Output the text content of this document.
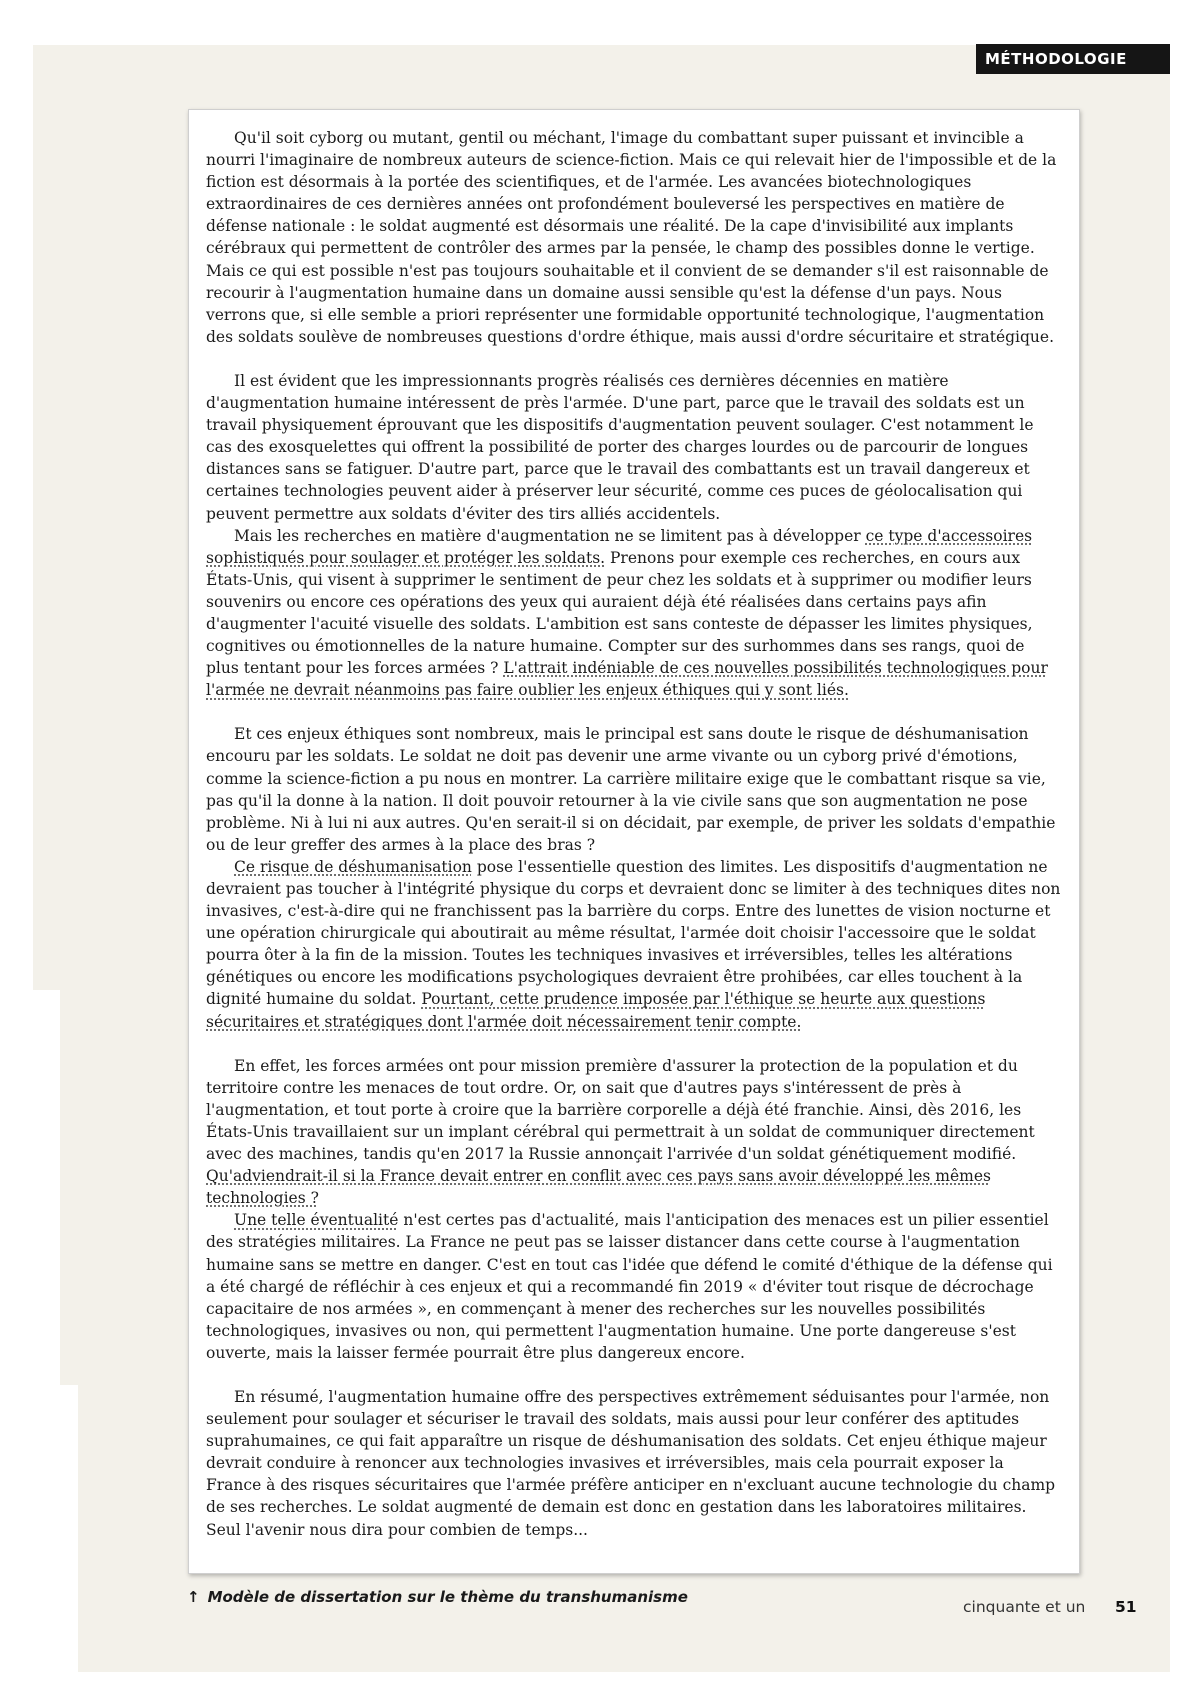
MÉTHODOLOGIE

Qu'il soit cyborg ou mutant, gentil ou méchant, l'image du combattant super puissant et invincible a nourri l'imaginaire de nombreux auteurs de science-fiction. Mais ce qui relevait hier de l'impossible et de la fiction est désormais à la portée des scientifiques, et de l'armée. Les avancées biotechnologiques extraordinaires de ces dernières années ont profondément bouleversé les perspectives en matière de défense nationale : le soldat augmenté est désormais une réalité. De la cape d'invisibilité aux implants cérébraux qui permettent de contrôler des armes par la pensée, le champ des possibles donne le vertige. Mais ce qui est possible n'est pas toujours souhaitable et il convient de se demander s'il est raisonnable de recourir à l'augmentation humaine dans un domaine aussi sensible qu'est la défense d'un pays. Nous verrons que, si elle semble a priori représenter une formidable opportunité technologique, l'augmentation des soldats soulève de nombreuses questions d'ordre éthique, mais aussi d'ordre sécuritaire et stratégique.

Il est évident que les impressionnants progrès réalisés ces dernières décennies en matière d'augmentation humaine intéressent de près l'armée. D'une part, parce que le travail des soldats est un travail physiquement éprouvant que les dispositifs d'augmentation peuvent soulager. C'est notamment le cas des exosquelettes qui offrent la possibilité de porter des charges lourdes ou de parcourir de longues distances sans se fatiguer. D'autre part, parce que le travail des combattants est un travail dangereux et certaines technologies peuvent aider à préserver leur sécurité, comme ces puces de géolocalisation qui peuvent permettre aux soldats d'éviter des tirs alliés accidentels.

Mais les recherches en matière d'augmentation ne se limitent pas à développer ce type d'accessoires sophistiqués pour soulager et protéger les soldats. Prenons pour exemple ces recherches, en cours aux États-Unis, qui visent à supprimer le sentiment de peur chez les soldats et à supprimer ou modifier leurs souvenirs ou encore ces opérations des yeux qui auraient déjà été réalisées dans certains pays afin d'augmenter l'acuité visuelle des soldats. L'ambition est sans conteste de dépasser les limites physiques, cognitives ou émotionnelles de la nature humaine. Compter sur des surhommes dans ses rangs, quoi de plus tentant pour les forces armées ? L'attrait indéniable de ces nouvelles possibilités technologiques pour l'armée ne devrait néanmoins pas faire oublier les enjeux éthiques qui y sont liés.

Et ces enjeux éthiques sont nombreux, mais le principal est sans doute le risque de déshumanisation encouru par les soldats. Le soldat ne doit pas devenir une arme vivante ou un cyborg privé d'émotions, comme la science-fiction a pu nous en montrer. La carrière militaire exige que le combattant risque sa vie, pas qu'il la donne à la nation. Il doit pouvoir retourner à la vie civile sans que son augmentation ne pose problème. Ni à lui ni aux autres. Qu'en serait-il si on décidait, par exemple, de priver les soldats d'empathie ou de leur greffer des armes à la place des bras ?

Ce risque de déshumanisation pose l'essentielle question des limites. Les dispositifs d'augmentation ne devraient pas toucher à l'intégrité physique du corps et devraient donc se limiter à des techniques dites non invasives, c'est-à-dire qui ne franchissent pas la barrière du corps. Entre des lunettes de vision nocturne et une opération chirurgicale qui aboutirait au même résultat, l'armée doit choisir l'accessoire que le soldat pourra ôter à la fin de la mission. Toutes les techniques invasives et irréversibles, telles les altérations génétiques ou encore les modifications psychologiques devraient être prohibées, car elles touchent à la dignité humaine du soldat. Pourtant, cette prudence imposée par l'éthique se heurte aux questions sécuritaires et stratégiques dont l'armée doit nécessairement tenir compte.

En effet, les forces armées ont pour mission première d'assurer la protection de la population et du territoire contre les menaces de tout ordre. Or, on sait que d'autres pays s'intéressent de près à l'augmentation, et tout porte à croire que la barrière corporelle a déjà été franchie. Ainsi, dès 2016, les États-Unis travaillaient sur un implant cérébral qui permettrait à un soldat de communiquer directement avec des machines, tandis qu'en 2017 la Russie annonçait l'arrivée d'un soldat génétiquement modifié. Qu'adviendrait-il si la France devait entrer en conflit avec ces pays sans avoir développé les mêmes technologies ?

Une telle éventualité n'est certes pas d'actualité, mais l'anticipation des menaces est un pilier essentiel des stratégies militaires. La France ne peut pas se laisser distancer dans cette course à l'augmentation humaine sans se mettre en danger. C'est en tout cas l'idée que défend le comité d'éthique de la défense qui a été chargé de réfléchir à ces enjeux et qui a recommandé fin 2019 « d'éviter tout risque de décrochage capacitaire de nos armées », en commençant à mener des recherches sur les nouvelles possibilités technologiques, invasives ou non, qui permettent l'augmentation humaine. Une porte dangereuse s'est ouverte, mais la laisser fermée pourrait être plus dangereux encore.

En résumé, l'augmentation humaine offre des perspectives extrêmement séduisantes pour l'armée, non seulement pour soulager et sécuriser le travail des soldats, mais aussi pour leur conférer des aptitudes suprahumaines, ce qui fait apparaître un risque de déshumanisation des soldats. Cet enjeu éthique majeur devrait conduire à renoncer aux technologies invasives et irréversibles, mais cela pourrait exposer la France à des risques sécuritaires que l'armée préfère anticiper en n'excluant aucune technologie du champ de ses recherches. Le soldat augmenté de demain est donc en gestation dans les laboratoires militaires. Seul l'avenir nous dira pour combien de temps...

↑ Modèle de dissertation sur le thème du transhumanisme
cinquante et un 51
